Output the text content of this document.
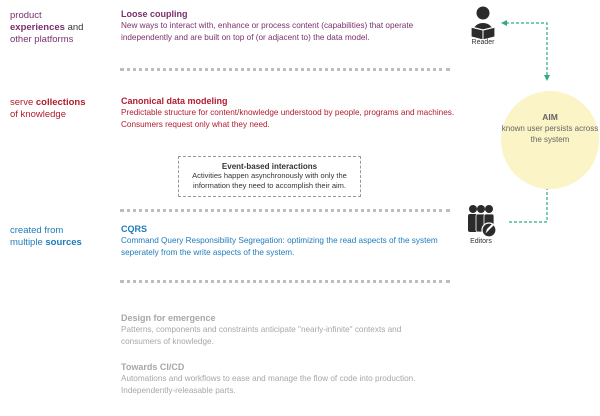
product
experiences and
other platforms
serve collections
of knowledge
created from
multiple sources
Loose coupling
New ways to interact with, enhance or process content (capabilities) that operate independently and are built on top of (or adjacent to) the data model.
Canonical data modeling
Predictable structure for content/knowledge understood by people, programs and machines. Consumers request only what they need.
Event-based interactions
Activities happen asynchronously with only the information they need to accomplish their aim.
CQRS
Command Query Responsibility Segregation: optimizing the read aspects of the system seperately from the write aspects of the system.
Design for emergence
Patterns, components and constraints anticipate "nearly-infinite" contexts and consumers of knowledge.
Towards CI/CD
Automations and workflows to ease and manage the flow of code into production. Independently-releasable parts.
Reader
Editors
AIM
known user persists across the system
